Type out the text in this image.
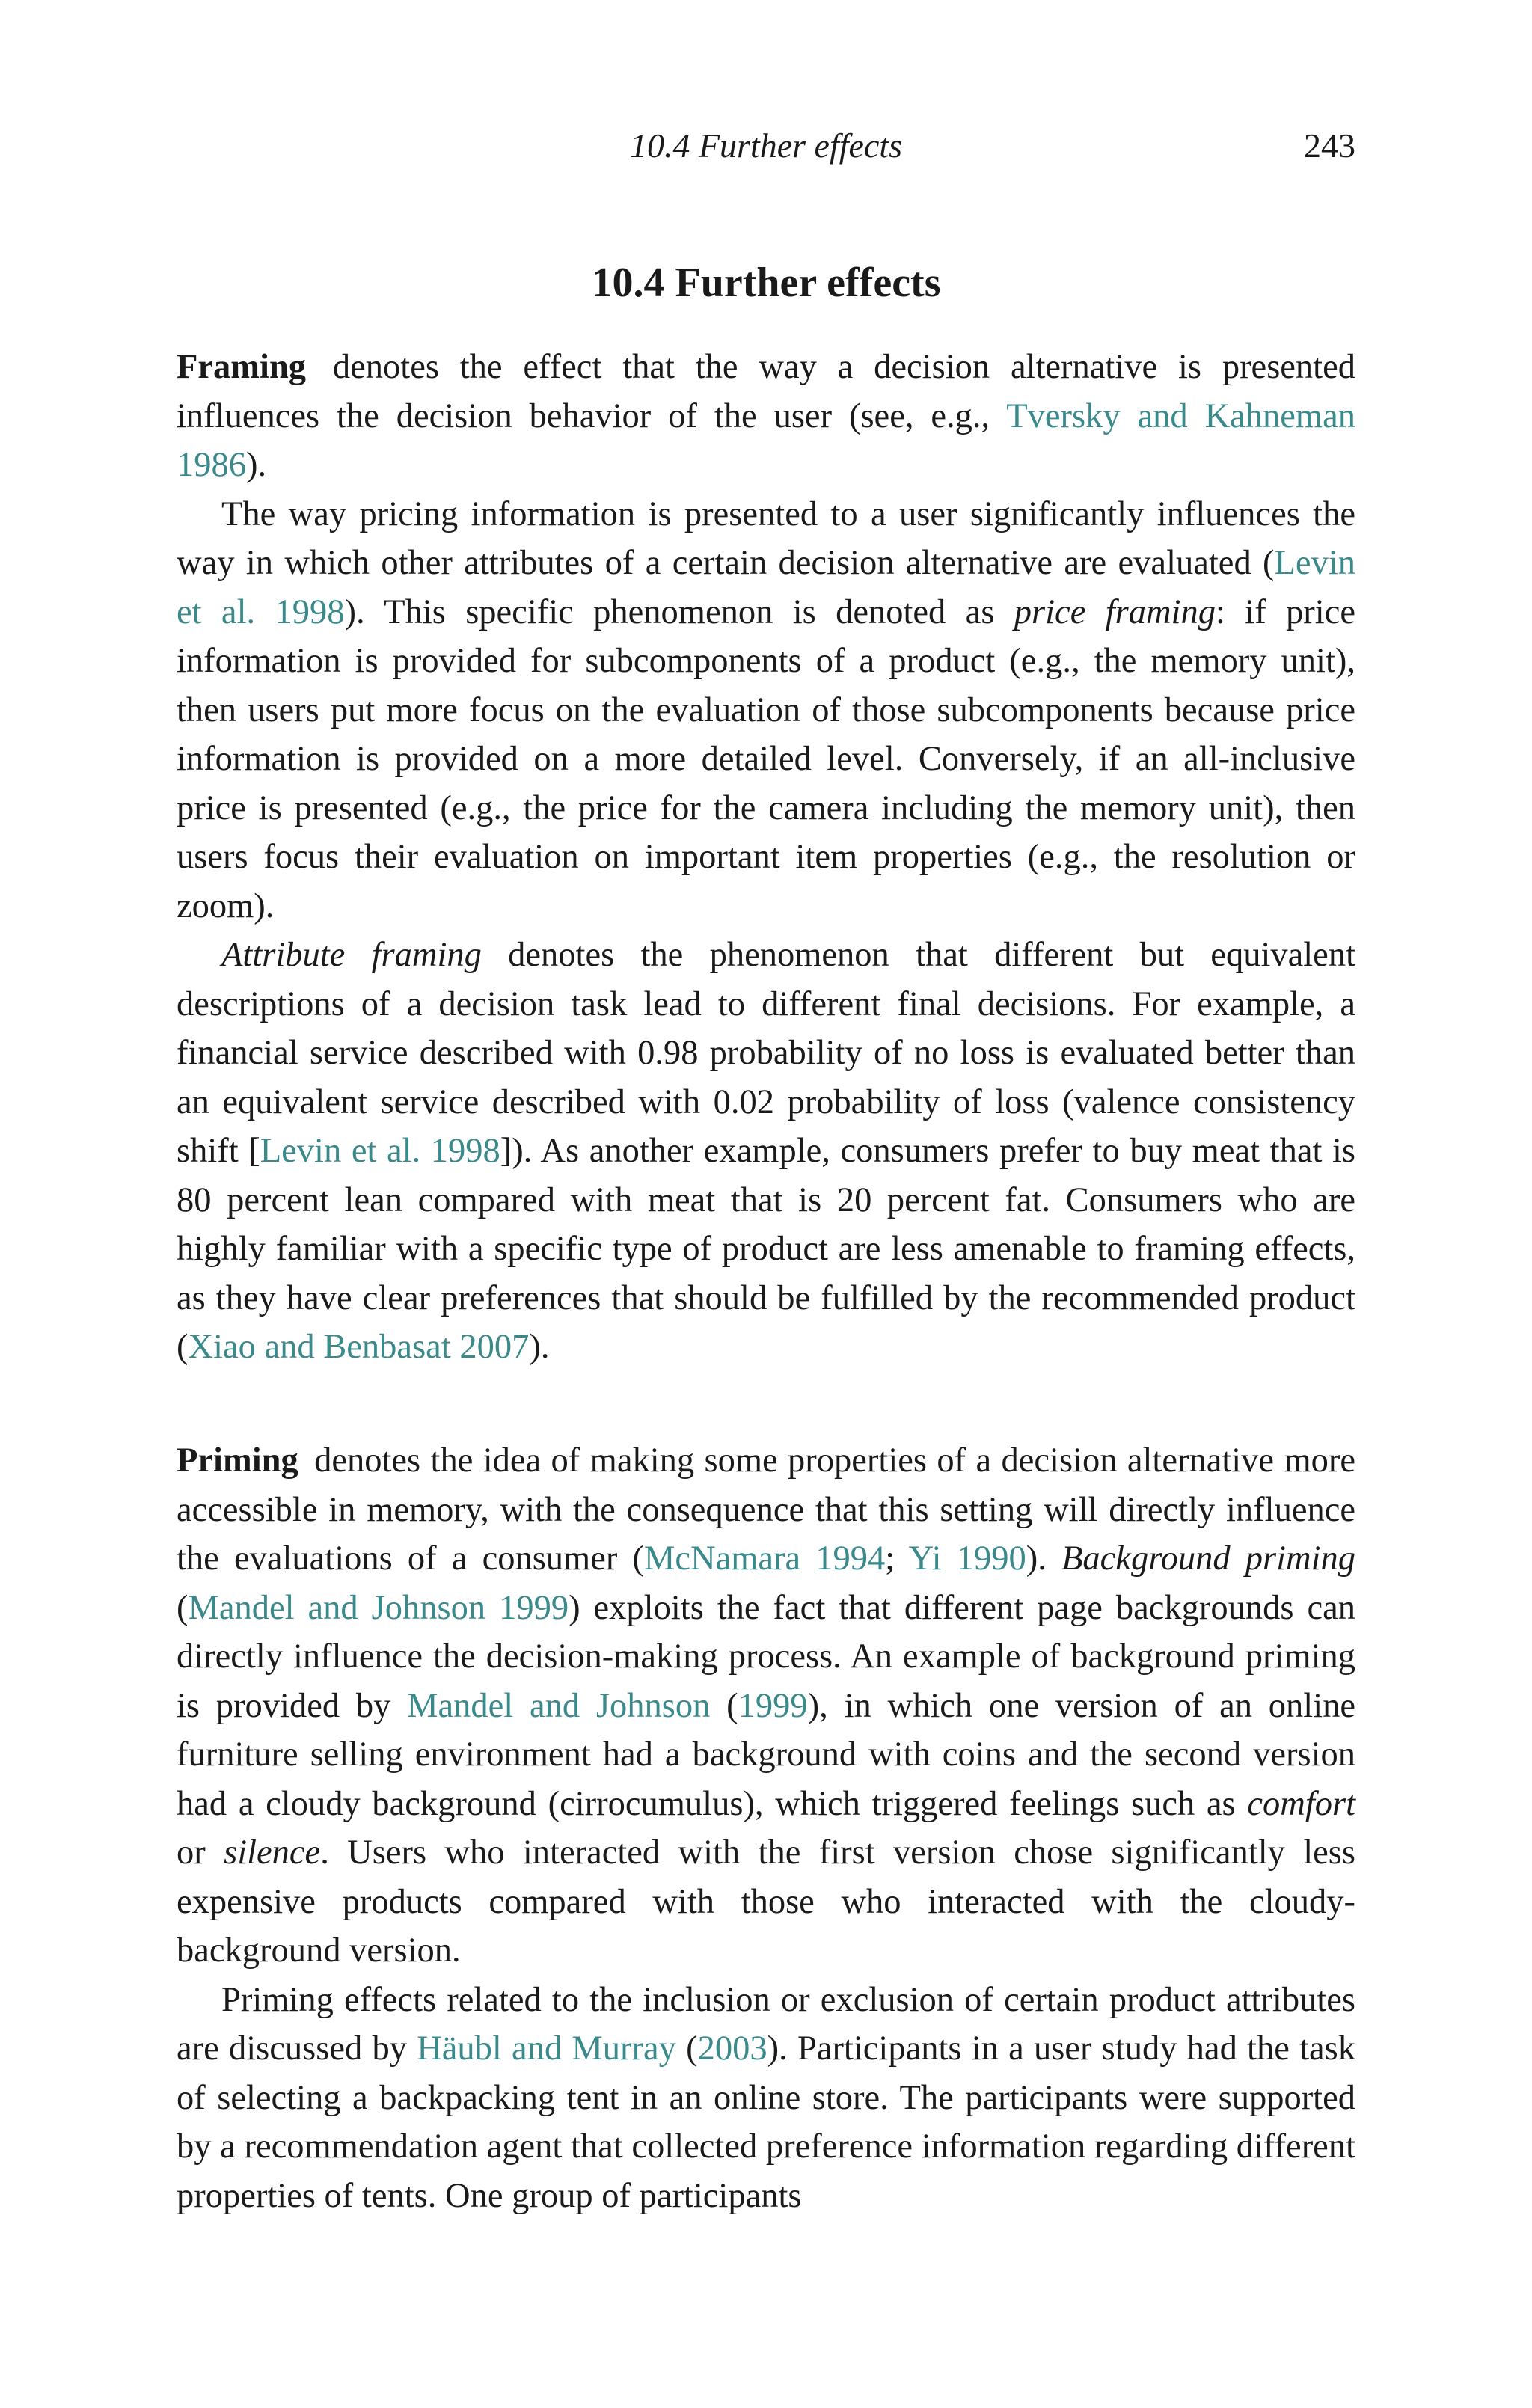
10.4 Further effects	243
10.4 Further effects

Framing denotes the effect that the way a decision alternative is presented influences the decision behavior of the user (see, e.g., Tversky and Kahneman 1986).

The way pricing information is presented to a user significantly influences the way in which other attributes of a certain decision alternative are evaluated (Levin et al. 1998). This specific phenomenon is denoted as price framing: if price information is provided for subcomponents of a product (e.g., the memory unit), then users put more focus on the evaluation of those subcomponents because price information is provided on a more detailed level. Conversely, if an all-inclusive price is presented (e.g., the price for the camera including the memory unit), then users focus their evaluation on important item properties (e.g., the resolution or zoom).

Attribute framing denotes the phenomenon that different but equivalent descriptions of a decision task lead to different final decisions. For example, a financial service described with 0.98 probability of no loss is evaluated better than an equivalent service described with 0.02 probability of loss (valence consistency shift [Levin et al. 1998]). As another example, consumers prefer to buy meat that is 80 percent lean compared with meat that is 20 percent fat. Consumers who are highly familiar with a specific type of product are less amenable to framing effects, as they have clear preferences that should be fulfilled by the recommended product (Xiao and Benbasat 2007).

Priming denotes the idea of making some properties of a decision alternative more accessible in memory, with the consequence that this setting will directly influence the evaluations of a consumer (McNamara 1994; Yi 1990). Background priming (Mandel and Johnson 1999) exploits the fact that different page backgrounds can directly influence the decision-making process. An example of background priming is provided by Mandel and Johnson (1999), in which one version of an online furniture selling environment had a background with coins and the second version had a cloudy background (cirrocumulus), which triggered feelings such as comfort or silence. Users who interacted with the first version chose significantly less expensive products compared with those who interacted with the cloudy-background version.

Priming effects related to the inclusion or exclusion of certain product attributes are discussed by Häubl and Murray (2003). Participants in a user study had the task of selecting a backpacking tent in an online store. The participants were supported by a recommendation agent that collected preference information regarding different properties of tents. One group of participants
